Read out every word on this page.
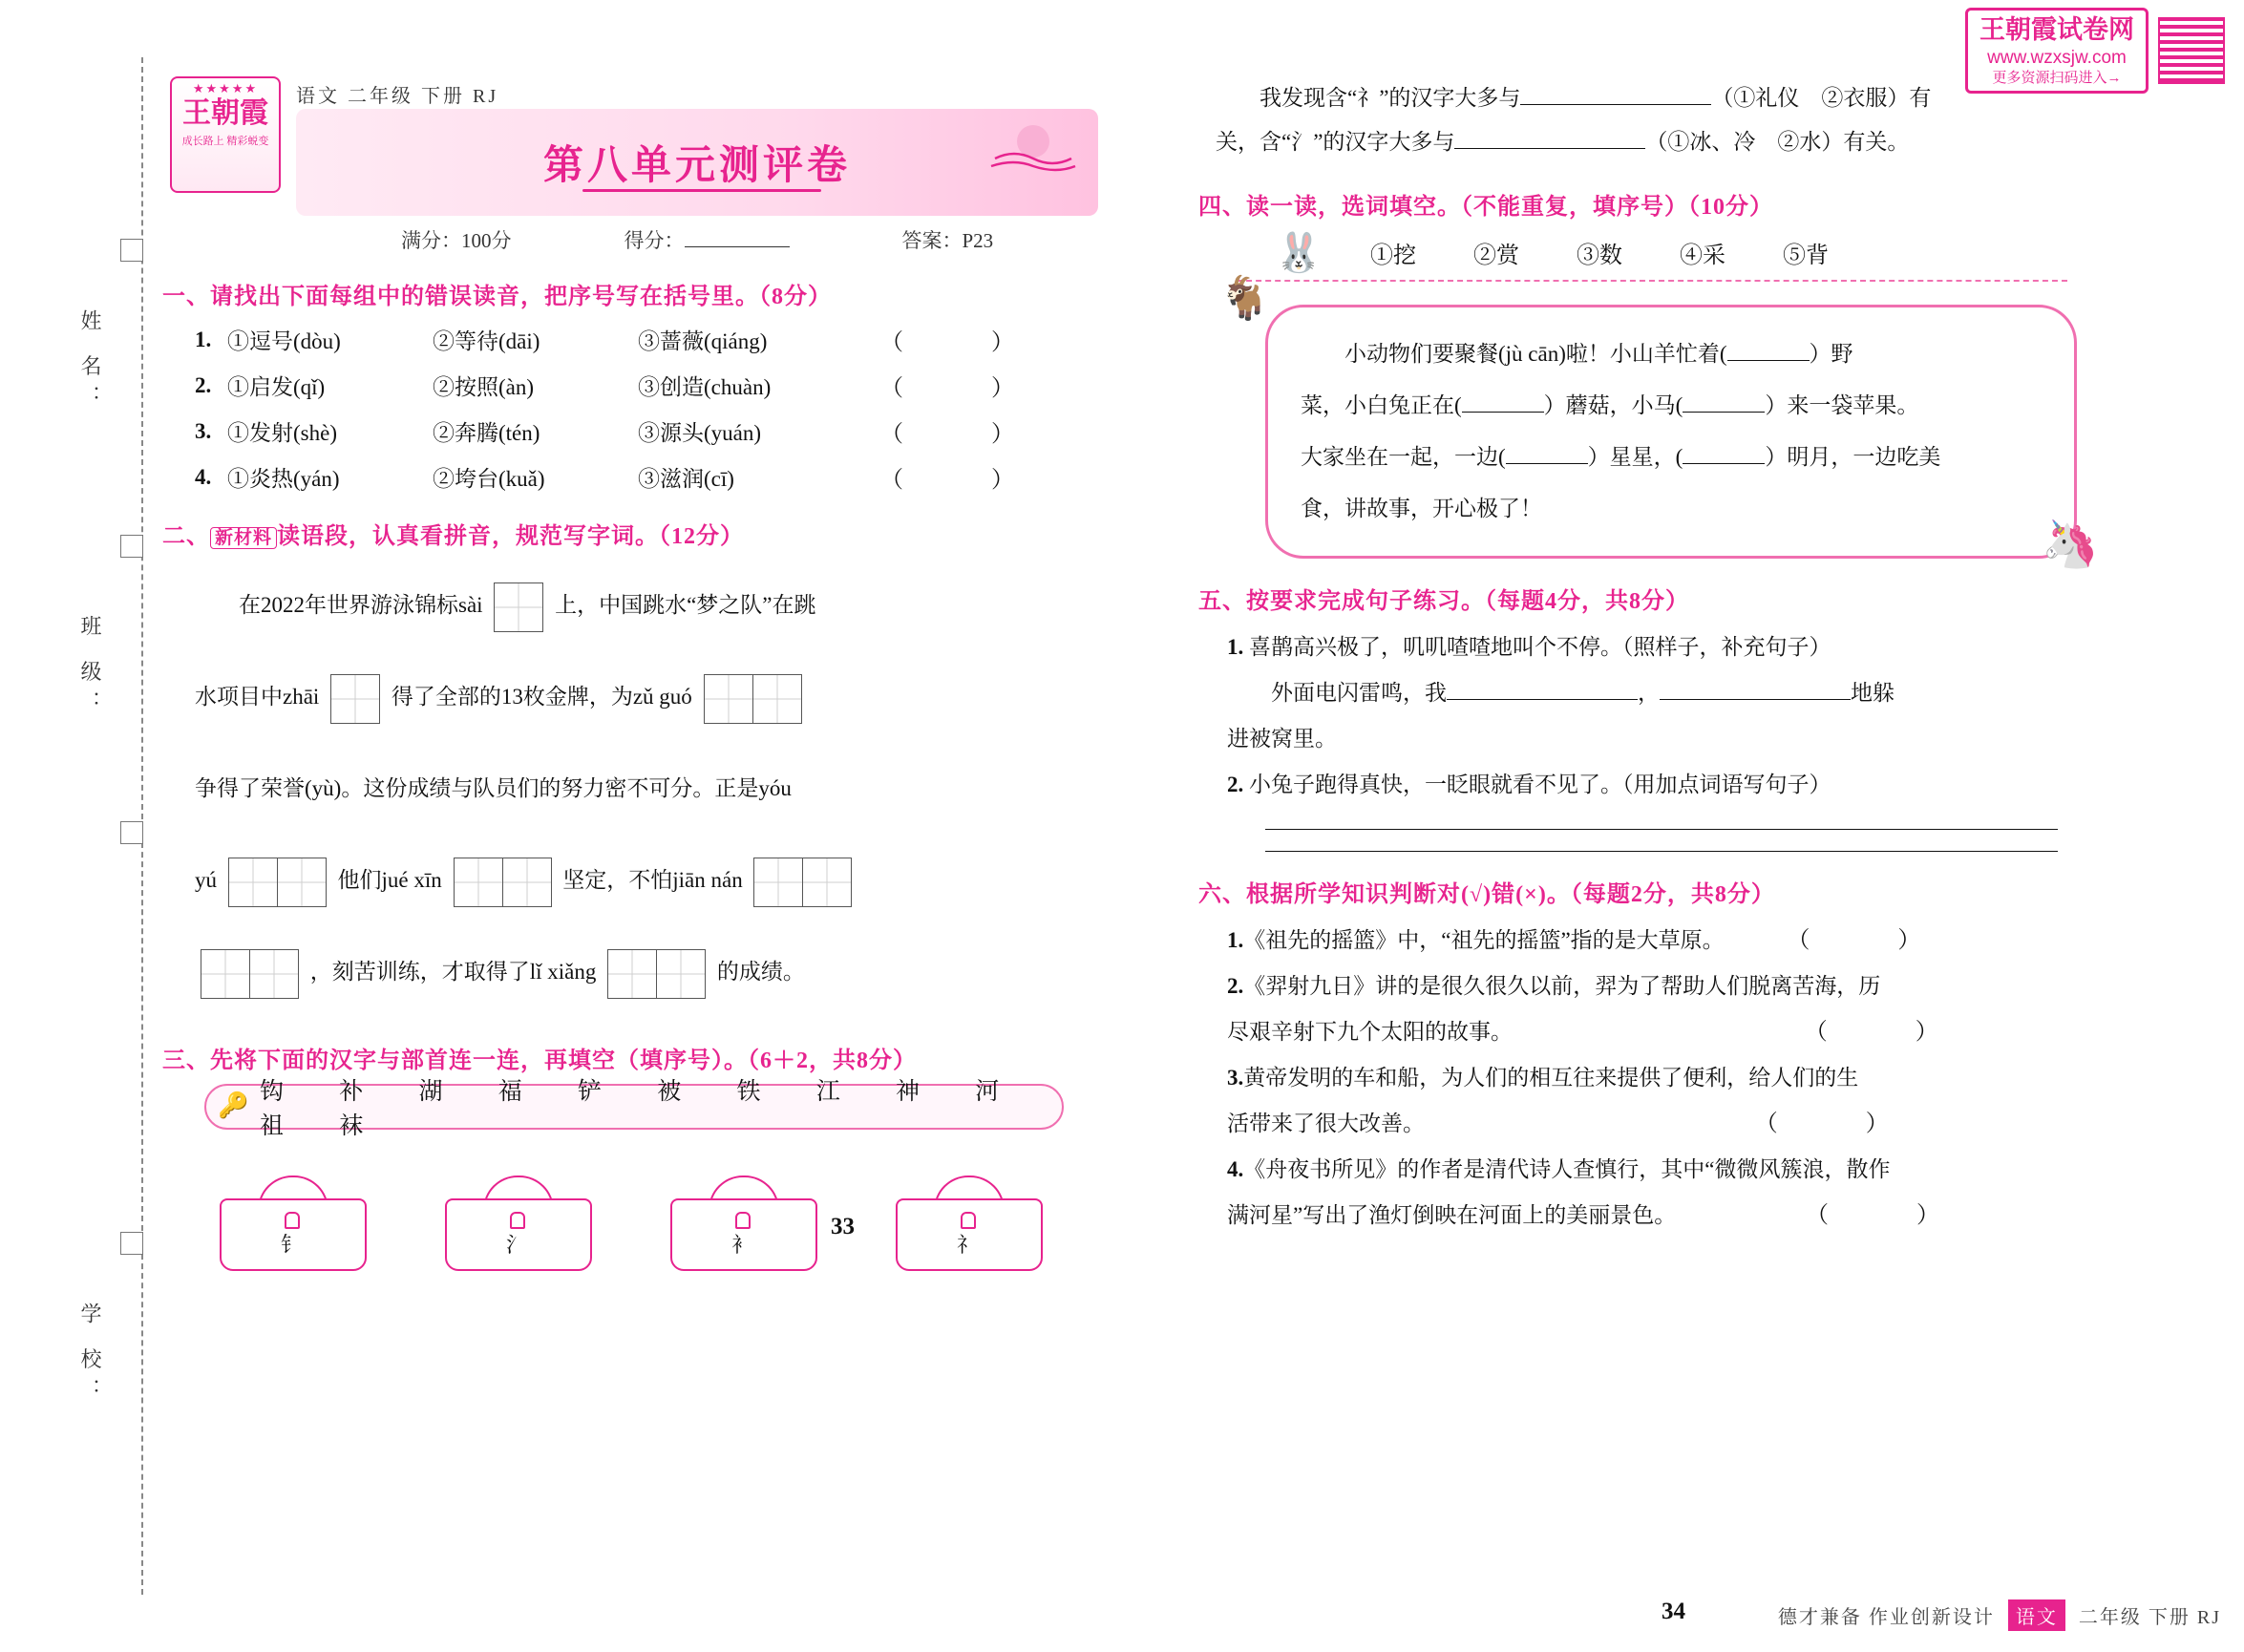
王朝霞试卷网
www.wzxsjw.com
更多资源扫码进入→
姓 名：
班 级：
学 校：
★★★★★
王朝霞
成长路上 精彩蜕变
语文 二年级 下册 RJ
第八单元测评卷
满分：100分	得分：	答案：P23
一、请找出下面每组中的错误读音，把序号写在括号里。（8分）
1. ①逗号(dòu)	②等待(dāi)	③蔷薇(qiáng)	（　）
2. ①启发(qǐ)	②按照(àn)	③创造(chuàn)	（　）
3. ①发射(shè)	②奔腾(tén)	③源头(yuán)	（　）
4. ①炎热(yán)	②垮台(kuǎ)	③滋润(cī)	（　）
二、 新材料 读语段，认真看拼音，规范写字词。（12分）
　　在2022年世界游泳锦标sài	上，中国跳水“梦之队”在跳
水项目中zhāi	得了全部的13枚金牌，为zǔ guó
争得了荣誉(yù)。这份成绩与队员们的努力密不可分。正是yóu
yú	他们jué xīn	坚定，不怕jiān nán
，刻苦训练，才取得了lǐ xiǎng	的成绩。
三、先将下面的汉字与部首连一连，再填空（填序号）。（6＋2，共8分）
🔑
钩 补 湖 福 铲 被 铁 江 神 河 祖 袜
钅	氵	衤	礻
33
　　我发现含“礻”的汉字大多与	（①礼仪　②衣服）有
关，含“氵”的汉字大多与	（①冰、冷　②水）有关。
四、读一读，选词填空。（不能重复，填序号）（10分）
🐰 ①挖	②赏	③数	④采	⑤背
🐐
🦄

　　小动物们要聚餐(jù cān)啦！小山羊忙着(	）野

菜，小白兔正在(	）蘑菇，小马(	）来一袋苹果。

大家坐在一起，一边(	）星星，(	）明月，一边吃美

食，讲故事，开心极了！

五、按要求完成句子练习。（每题4分，共8分）
1. 喜鹊高兴极了，叽叽喳喳地叫个不停。（照样子，补充句子）
　　外面电闪雷鸣，我	，	地躲
进被窝里。
2. 小兔子跑得真快，一眨眼就看不见了。（用加点词语写句子）
六、根据所学知识判断对(√)错(×)。（每题2分，共8分）
1.《祖先的摇篮》中，“祖先的摇篮”指的是大草原。	（　）
2.《羿射九日》讲的是很久很久以前，羿为了帮助人们脱离苦海，历
尽艰辛射下九个太阳的故事。	（　）
3.黄帝发明的车和船，为人们的相互往来提供了便利，给人们的生
活带来了很大改善。	（　）
4.《舟夜书所见》的作者是清代诗人查慎行，其中“微微风簇浪，散作
满河星”写出了渔灯倒映在河面上的美丽景色。	（　）
34	德才兼备 作业创新设计	语文	二年级 下册 RJ
